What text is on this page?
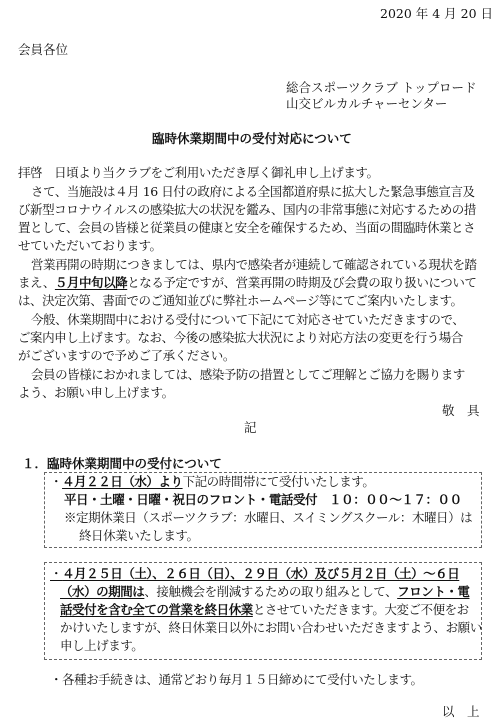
2020 年 4 月 20 日
会員各位
総合スポーツクラブ トップロード
山交ビルカルチャーセンター
臨時休業期間中の受付対応について
拝啓　日頃より当クラブをご利用いただき厚く御礼申し上げます。
さて、当施設は４月 16 日付の政府による全国都道府県に拡大した緊急事態宣言及
び新型コロナウイルスの感染拡大の状況を鑑み、国内の非常事態に対応するための措
置として、会員の皆様と従業員の健康と安全を確保するため、当面の間臨時休業とさ
せていただいております。
営業再開の時期につきましては、県内で感染者が連続して確認されている現状を踏
まえ、５月中旬以降となる予定ですが、営業再開の時期及び会費の取り扱いについて
は、決定次第、書面でのご通知並びに弊社ホームページ等にてご案内いたします。
今般、休業期間中における受付について下記にて対応させていただきますので、
ご案内申し上げます。なお、今後の感染拡大状況により対応方法の変更を行う場合
がございますので予めご了承ください。
会員の皆様におかれましては、感染予防の措置としてご理解とご協力を賜ります
よう、お願い申し上げます。
敬　具
記
１．臨時休業期間中の受付について
・４月２２日（水）より下記の時間帯にて受付いたします。
平日・土曜・日曜・祝日のフロント・電話受付　１０：００〜１７：００
※定期休業日（スポーツクラブ：水曜日、スイミングスクール：木曜日）は
終日休業いたします。
・４月２５日（土）、２６日（日）、２９日（水）及び５月２日（土）〜６日
（水）の期間は、接触機会を削減するための取り組みとして、フロント・電
話受付を含む全ての営業を終日休業とさせていただきます。大変ご不便をお
かけいたしますが、終日休業日以外にお問い合わせいただきますよう、お願い
申し上げます。
・各種お手続きは、通常どおり毎月１５日締めにて受付いたします。
以　上
